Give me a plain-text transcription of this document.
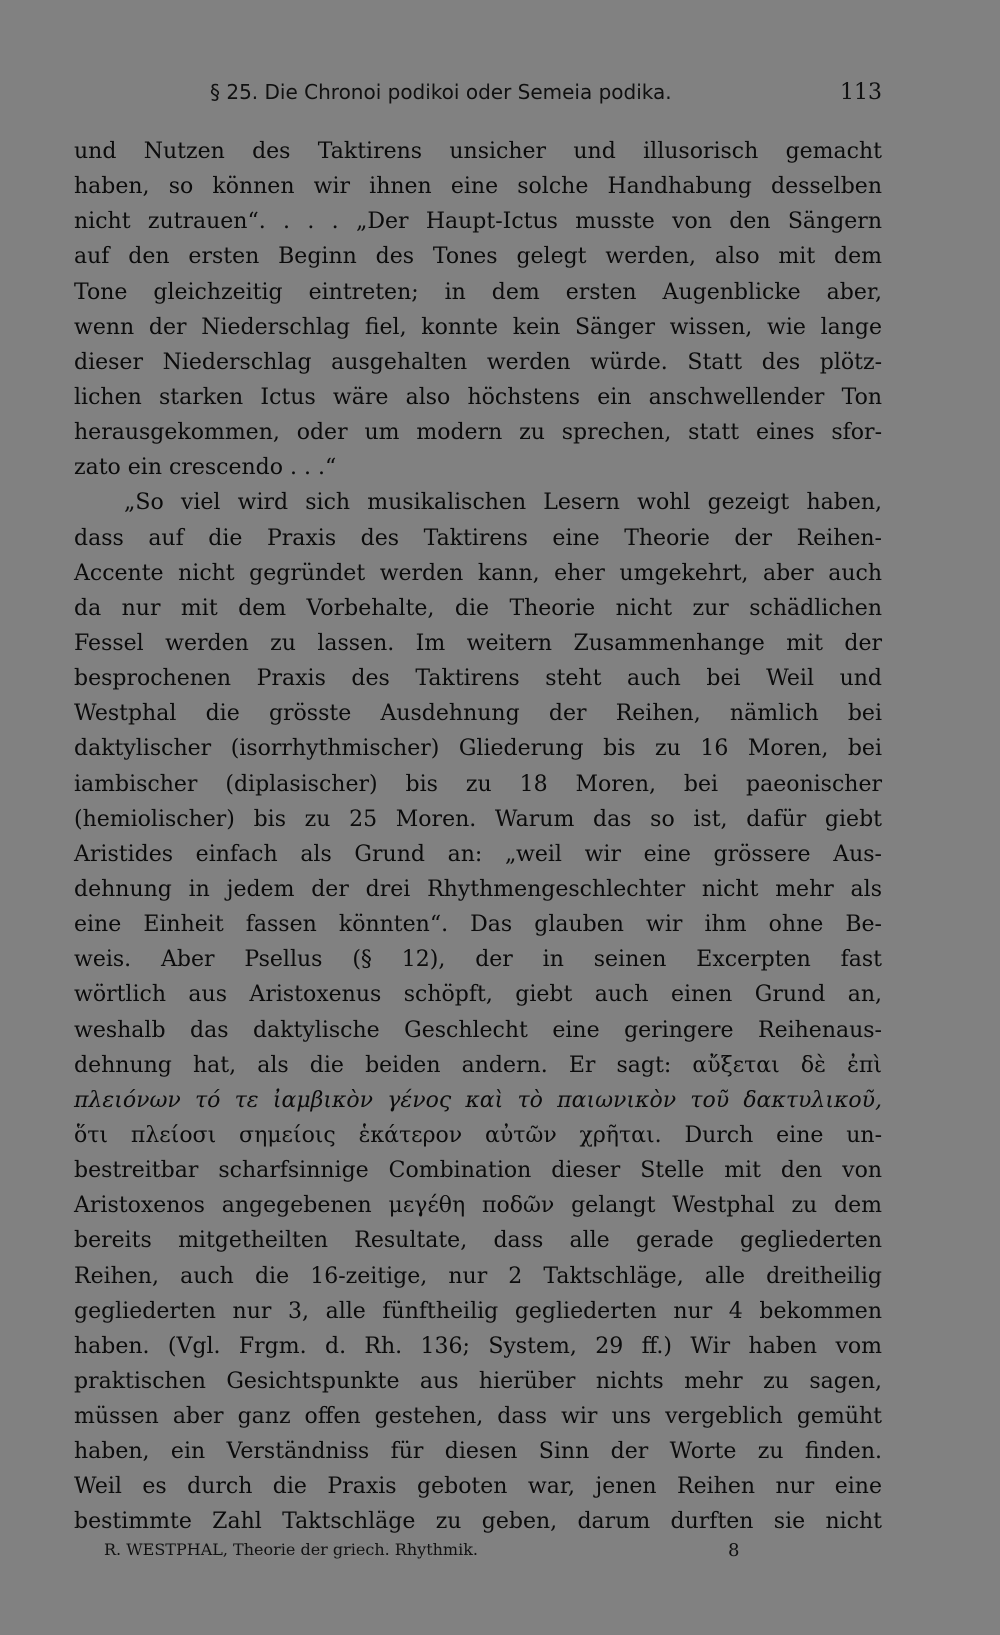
§ 25. Die Chronoi podikoi oder Semeia podika.	113
und Nutzen des Taktirens unsicher und illusorisch gemacht
haben, so können wir ihnen eine solche Handhabung desselben
nicht zutrauen“. . . . „Der Haupt-Ictus musste von den Sängern
auf den ersten Beginn des Tones gelegt werden, also mit dem
Tone gleichzeitig eintreten; in dem ersten Augenblicke aber,
wenn der Niederschlag fiel, konnte kein Sänger wissen, wie lange
dieser Niederschlag ausgehalten werden würde. Statt des plötz-
lichen starken Ictus wäre also höchstens ein anschwellender Ton
herausgekommen, oder um modern zu sprechen, statt eines sfor-
zato ein crescendo . . .“
„So viel wird sich musikalischen Lesern wohl gezeigt haben,
dass auf die Praxis des Taktirens eine Theorie der Reihen-
Accente nicht gegründet werden kann, eher umgekehrt, aber auch
da nur mit dem Vorbehalte, die Theorie nicht zur schädlichen
Fessel werden zu lassen. Im weitern Zusammenhange mit der
besprochenen Praxis des Taktirens steht auch bei Weil und
Westphal die grösste Ausdehnung der Reihen, nämlich bei
daktylischer (isorrhythmischer) Gliederung bis zu 16 Moren, bei
iambischer (diplasischer) bis zu 18 Moren, bei paeonischer
(hemiolischer) bis zu 25 Moren. Warum das so ist, dafür giebt
Aristides einfach als Grund an: „weil wir eine grössere Aus-
dehnung in jedem der drei Rhythmengeschlechter nicht mehr als
eine Einheit fassen könnten“. Das glauben wir ihm ohne Be-
weis. Aber Psellus (§ 12), der in seinen Excerpten fast
wörtlich aus Aristoxenus schöpft, giebt auch einen Grund an,
weshalb das daktylische Geschlecht eine geringere Reihenaus-
dehnung hat, als die beiden andern. Er sagt: αὔξεται δὲ ἐπὶ
πλειόνων τό τε ἰαμβικὸν γένος καὶ τὸ παιωνικὸν τοῦ δακτυλικοῦ,
ὅτι πλείοσι σημείοις ἑκάτερον αὐτῶν χρῆται. Durch eine un-
bestreitbar scharfsinnige Combination dieser Stelle mit den von
Aristoxenos angegebenen μεγέθη ποδῶν gelangt Westphal zu dem
bereits mitgetheilten Resultate, dass alle gerade gegliederten
Reihen, auch die 16-zeitige, nur 2 Taktschläge, alle dreitheilig
gegliederten nur 3, alle fünftheilig gegliederten nur 4 bekommen
haben. (Vgl. Frgm. d. Rh. 136; System, 29 ff.) Wir haben vom
praktischen Gesichtspunkte aus hierüber nichts mehr zu sagen,
müssen aber ganz offen gestehen, dass wir uns vergeblich gemüht
haben, ein Verständniss für diesen Sinn der Worte zu finden.
Weil es durch die Praxis geboten war, jenen Reihen nur eine
bestimmte Zahl Taktschläge zu geben, darum durften sie nicht
R. WESTPHAL, Theorie der griech. Rhythmik.	8
